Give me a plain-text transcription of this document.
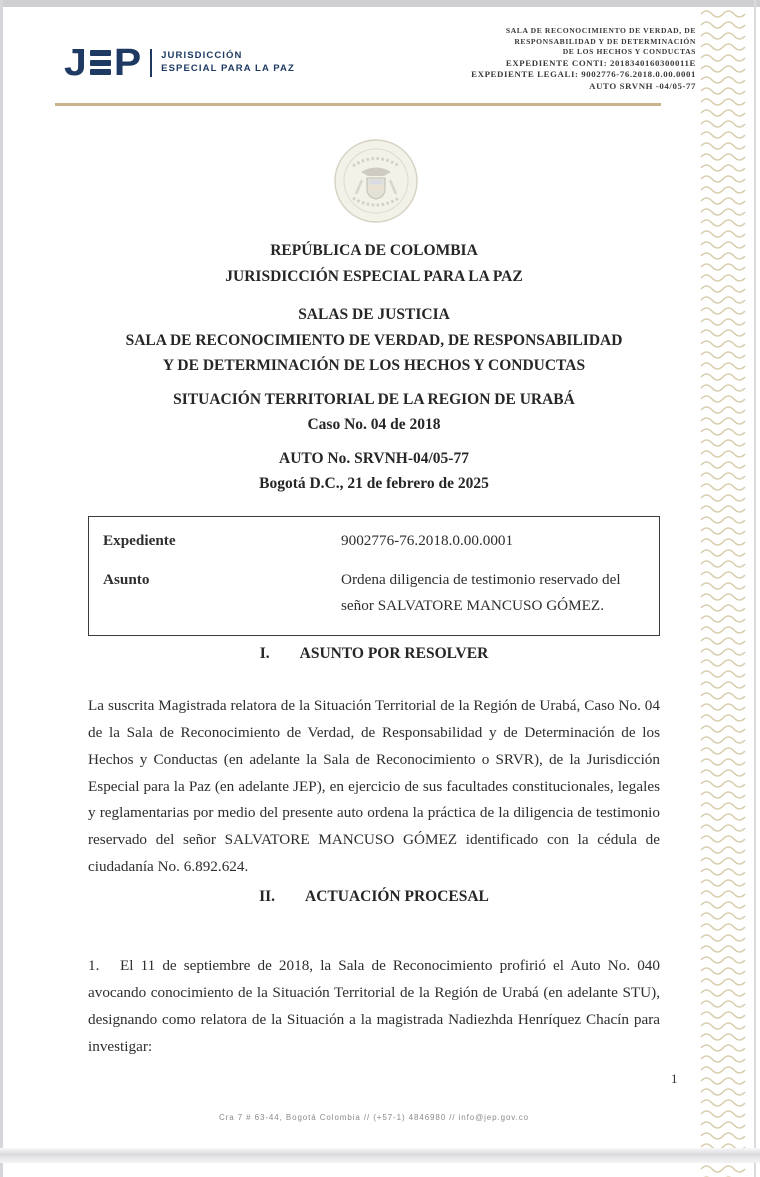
J P JURISDICCIÓN
ESPECIAL PARA LA PAZ
SALA DE RECONOCIMIENTO DE VERDAD, DE
RESPONSABILIDAD Y DE DETERMINACIÓN
DE LOS HECHOS Y CONDUCTAS
EXPEDIENTE CONTI: 2018340160300011E
EXPEDIENTE LEGALI: 9002776-76.2018.0.00.0001
AUTO SRVNH -04/05-77
REPÚBLICA DE COLOMBIA
JURISDICCIÓN ESPECIAL PARA LA PAZ
SALAS DE JUSTICIA
SALA DE RECONOCIMIENTO DE VERDAD, DE RESPONSABILIDAD
Y DE DETERMINACIÓN DE LOS HECHOS Y CONDUCTAS
SITUACIÓN TERRITORIAL DE LA REGION DE URABÁ
Caso No. 04 de 2018
AUTO No. SRVNH-04/05-77
Bogotá D.C., 21 de febrero de 2025
Expediente	9002776-76.2018.0.00.0001
Asunto	Ordena diligencia de testimonio reservado del señor SALVATORE MANCUSO GÓMEZ.
I. ASUNTO POR RESOLVER

La suscrita Magistrada relatora de la Situación Territorial de la Región de Urabá, Caso No. 04 de la Sala de Reconocimiento de Verdad, de Responsabilidad y de Determinación de los Hechos y Conductas (en adelante la Sala de Reconocimiento o SRVR), de la Jurisdicción Especial para la Paz (en adelante JEP), en ejercicio de sus facultades constitucionales, legales y reglamentarias por medio del presente auto ordena la práctica de la diligencia de testimonio reservado del señor SALVATORE MANCUSO GÓMEZ identificado con la cédula de ciudadanía No. 6.892.624.

II. ACTUACIÓN PROCESAL

1. El 11 de septiembre de 2018, la Sala de Reconocimiento profirió el Auto No. 040 avocando conocimiento de la Situación Territorial de la Región de Urabá (en adelante STU), designando como relatora de la Situación a la magistrada Nadiezhda Henríquez Chacín para investigar:

1
Cra 7 # 63-44, Bogotá Colombia // (+57-1) 4846980 // info@jep.gov.co
